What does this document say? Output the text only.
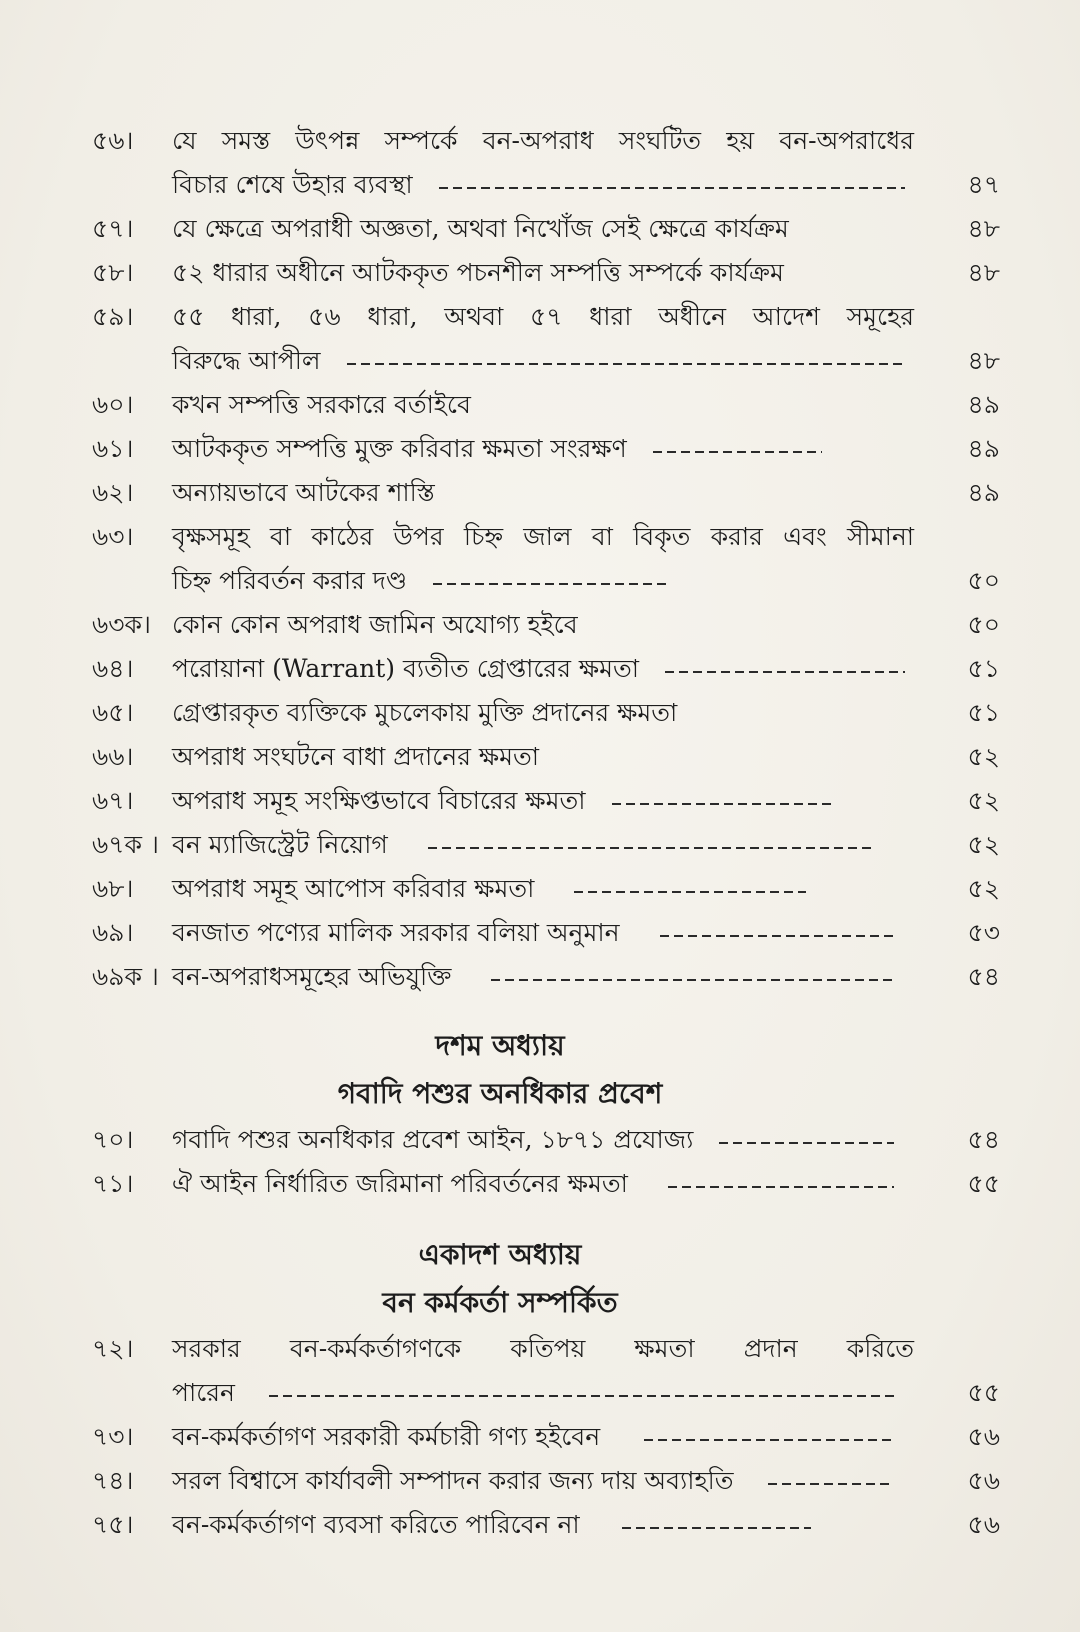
৫৬।	যে সমস্ত উৎপন্ন সম্পর্কে বন-অপরাধ সংঘটিত হয় বন-অপরাধের
বিচার শেষে উহার ব্যবস্থা	৪৭
৫৭।	যে ক্ষেত্রে অপরাধী অজ্ঞতা, অথবা নিখোঁজ সেই ক্ষেত্রে কার্যক্রম	৪৮
৫৮।	৫২ ধারার অধীনে আটককৃত পচনশীল সম্পত্তি সম্পর্কে কার্যক্রম	৪৮
৫৯।	৫৫ ধারা, ৫৬ ধারা, অথবা ৫৭ ধারা অধীনে আদেশ সমূহের
বিরুদ্ধে আপীল	৪৮
৬০।	কখন সম্পত্তি সরকারে বর্তাইবে	৪৯
৬১।	আটককৃত সম্পত্তি মুক্ত করিবার ক্ষমতা সংরক্ষণ	৪৯
৬২।	অন্যায়ভাবে আটকের শাস্তি	৪৯
৬৩।	বৃক্ষসমূহ বা কাঠের উপর চিহ্ন জাল বা বিকৃত করার এবং সীমানা
চিহ্ন পরিবর্তন করার দণ্ড	৫০
৬৩ক। কোন কোন অপরাধ জামিন অযোগ্য হইবে	৫০
৬৪।	পরোয়ানা (Warrant) ব্যতীত গ্রেপ্তারের ক্ষমতা	৫১
৬৫।	গ্রেপ্তারকৃত ব্যক্তিকে মুচলেকায় মুক্তি প্রদানের ক্ষমতা	৫১
৬৬।	অপরাধ সংঘটনে বাধা প্রদানের ক্ষমতা	৫২
৬৭।	অপরাধ সমূহ সংক্ষিপ্তভাবে বিচারের ক্ষমতা	৫২
৬৭ক । বন ম্যাজিস্ট্রেট নিয়োগ	৫২
৬৮।	অপরাধ সমূহ আপোস করিবার ক্ষমতা	৫২
৬৯।	বনজাত পণ্যের মালিক সরকার বলিয়া অনুমান	৫৩
৬৯ক । বন-অপরাধসমূহের অভিযুক্তি	৫৪
দশম অধ্যায়
গবাদি পশুর অনধিকার প্রবেশ
৭০।	গবাদি পশুর অনধিকার প্রবেশ আইন, ১৮৭১ প্রযোজ্য	৫৪
৭১।	ঐ আইন নির্ধারিত জরিমানা পরিবর্তনের ক্ষমতা	৫৫
একাদশ অধ্যায়
বন কর্মকর্তা সম্পর্কিত
৭২।	সরকার বন-কর্মকর্তাগণকে কতিপয় ক্ষমতা প্রদান করিতে
পারেন	৫৫
৭৩।	বন-কর্মকর্তাগণ সরকারী কর্মচারী গণ্য হইবেন	৫৬
৭৪।	সরল বিশ্বাসে কার্যাবলী সম্পাদন করার জন্য দায় অব্যাহতি	৫৬
৭৫।	বন-কর্মকর্তাগণ ব্যবসা করিতে পারিবেন না	৫৬
